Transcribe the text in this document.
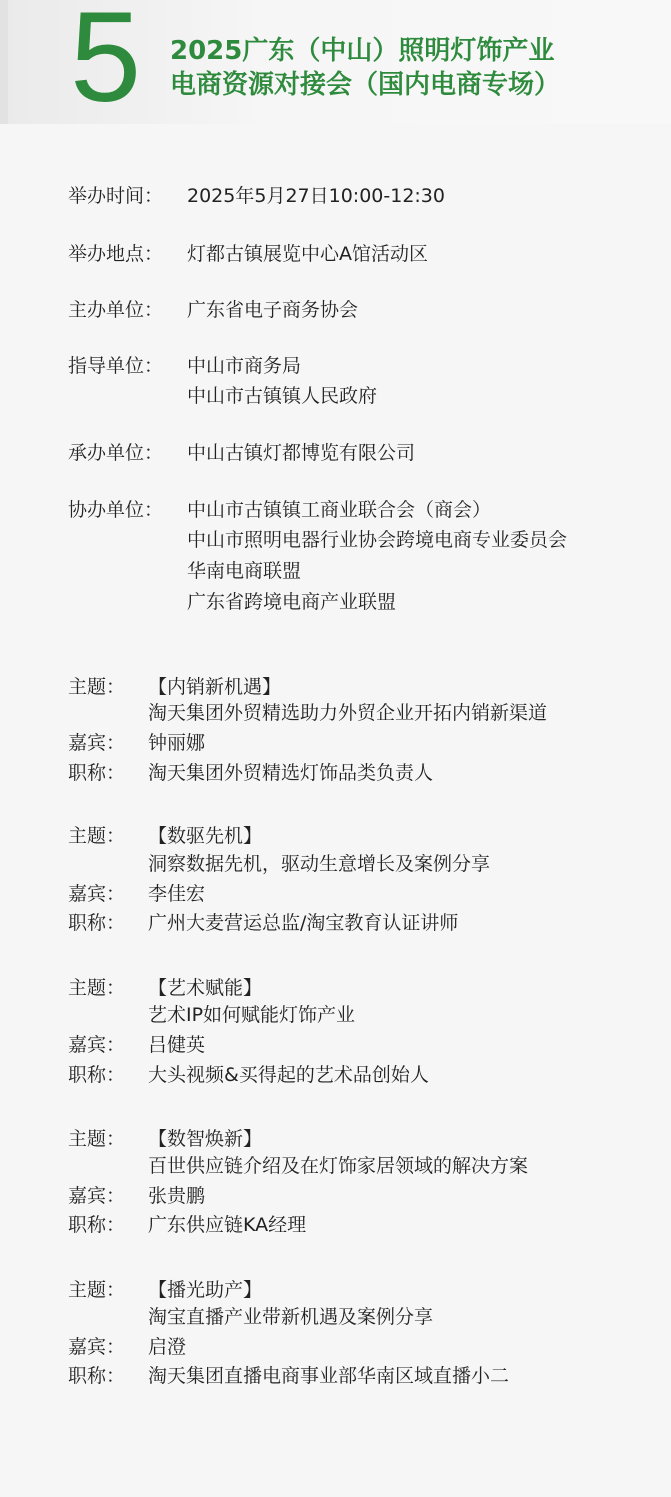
5 2025广东（中山）照明灯饰产业
电商资源对接会（国内电商专场）
举办时间：	2025年5月27日10:00-12:30
举办地点：	灯都古镇展览中心A馆活动区
主办单位：	广东省电子商务协会
指导单位：	中山市商务局
中山市古镇镇人民政府
承办单位：	中山古镇灯都博览有限公司
协办单位：	中山市古镇镇工商业联合会（商会）
中山市照明电器行业协会跨境电商专业委员会
华南电商联盟
广东省跨境电商产业联盟
主题：	【内销新机遇】
淘天集团外贸精选助力外贸企业开拓内销新渠道
嘉宾：	钟丽娜
职称：	淘天集团外贸精选灯饰品类负责人
主题：	【数驱先机】
洞察数据先机，驱动生意增长及案例分享
嘉宾：	李佳宏
职称：	广州大麦营运总监/淘宝教育认证讲师
主题：	【艺术赋能】
艺术IP如何赋能灯饰产业
嘉宾：	吕健英
职称：	大头视频&买得起的艺术品创始人
主题：	【数智焕新】
百世供应链介绍及在灯饰家居领域的解决方案
嘉宾：	张贵鹏
职称：	广东供应链KA经理
主题：	【播光助产】
淘宝直播产业带新机遇及案例分享
嘉宾：	启澄
职称：	淘天集团直播电商事业部华南区域直播小二
